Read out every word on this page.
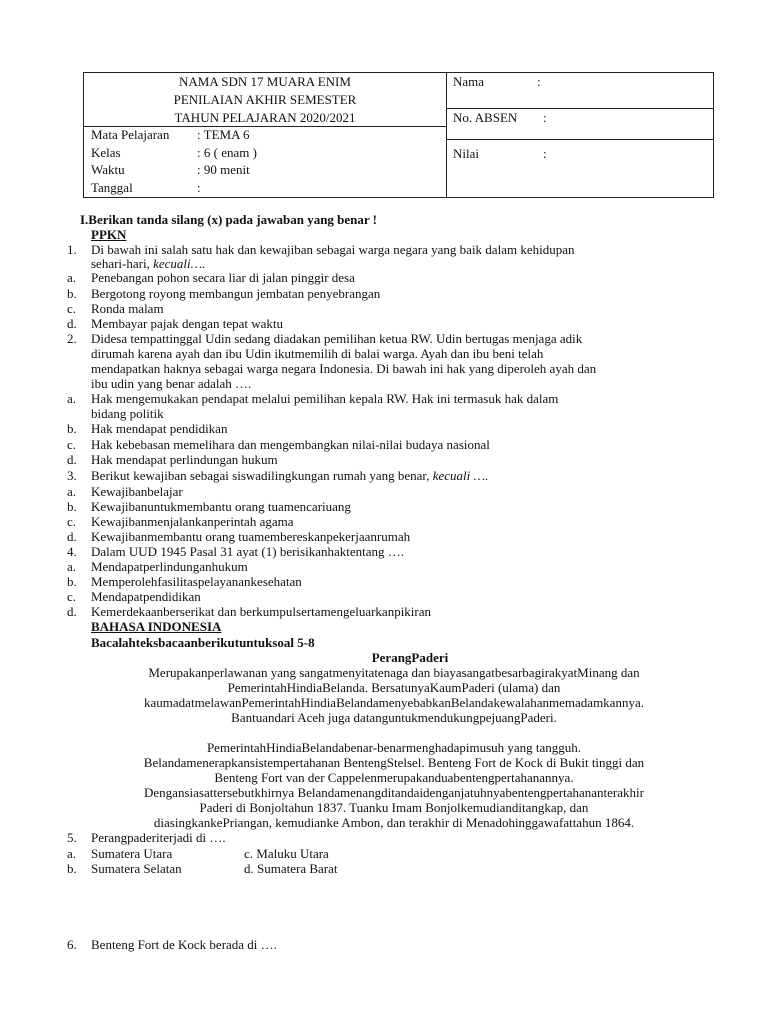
NAMA SDN 17 MUARA ENIM
PENILAIAN AKHIR SEMESTER
TAHUN PELAJARAN 2020/2021
Mata Pelajaran : TEMA 6
Kelas	: 6 ( enam )
Waktu	: 90 menit
Tanggal	:
Nama	:
No. ABSEN :
Nilai	:
I.Berikan tanda silang (x) pada jawaban yang benar !
PPKN
1. Di bawah ini salah satu hak dan kewajiban sebagai warga negara yang baik dalam kehidupan
sehari-hari, kecuali….
a. Penebangan pohon secara liar di jalan pinggir desa
b. Bergotong royong membangun jembatan penyebrangan
c. Ronda malam
d. Membayar pajak dengan tepat waktu
2. Didesa tempattinggal Udin sedang diadakan pemilihan ketua RW. Udin bertugas menjaga adik
dirumah karena ayah dan ibu Udin ikutmemilih di balai warga. Ayah dan ibu beni telah
mendapatkan haknya sebagai warga negara Indonesia. Di bawah ini hak yang diperoleh ayah dan
ibu udin yang benar adalah ….
a. Hak mengemukakan pendapat melalui pemilihan kepala RW. Hak ini termasuk hak dalam
bidang politik
b. Hak mendapat pendidikan
c. Hak kebebasan memelihara dan mengembangkan nilai-nilai budaya nasional
d. Hak mendapat perlindungan hukum
3. Berikut kewajiban sebagai siswadilingkungan rumah yang benar, kecuali ….
a. Kewajibanbelajar
b. Kewajibanuntukmembantu orang tuamencariuang
c. Kewajibanmenjalankanperintah agama
d. Kewajibanmembantu orang tuamembereskanpekerjaanrumah
4. Dalam UUD 1945 Pasal 31 ayat (1) berisikanhaktentang ….
a. Mendapatperlindunganhukum
b. Memperolehfasilitaspelayanankesehatan
c. Mendapatpendidikan
d. Kemerdekaanberserikat dan berkumpulsertamengeluarkanpikiran
BAHASA INDONESIA
Bacalahteksbacaanberikutuntuksoal 5-8
PerangPaderi
Merupakanperlawanan yang sangatmenyitatenaga dan biayasangatbesarbagirakyatMinang dan
PemerintahHindiaBelanda. BersatunyaKaumPaderi (ulama) dan
kaumadatmelawanPemerintahHindiaBelandamenyebabkanBelandakewalahanmemadamkannya.
Bantuandari Aceh juga datanguntukmendukungpejuangPaderi.
PemerintahHindiaBelandabenar-benarmenghadapimusuh yang tangguh.
Belandamenerapkansistempertahanan BentengStelsel. Benteng Fort de Kock di Bukit tinggi dan
Benteng Fort van der Cappelenmerupakanduabentengpertahanannya.
Dengansiasattersebutkhirnya Belandamenangditandaidenganjatuhnyabentengpertahananterakhir
Paderi di Bonjoltahun 1837. Tuanku Imam Bonjolkemudianditangkap, dan
diasingkankePriangan, kemudianke Ambon, dan terakhir di Menadohinggawafattahun 1864.
5. Perangpaderiterjadi di ….
a. Sumatera Utara	c. Maluku Utara
b. Sumatera Selatan	d. Sumatera Barat
6. Benteng Fort de Kock berada di ….
